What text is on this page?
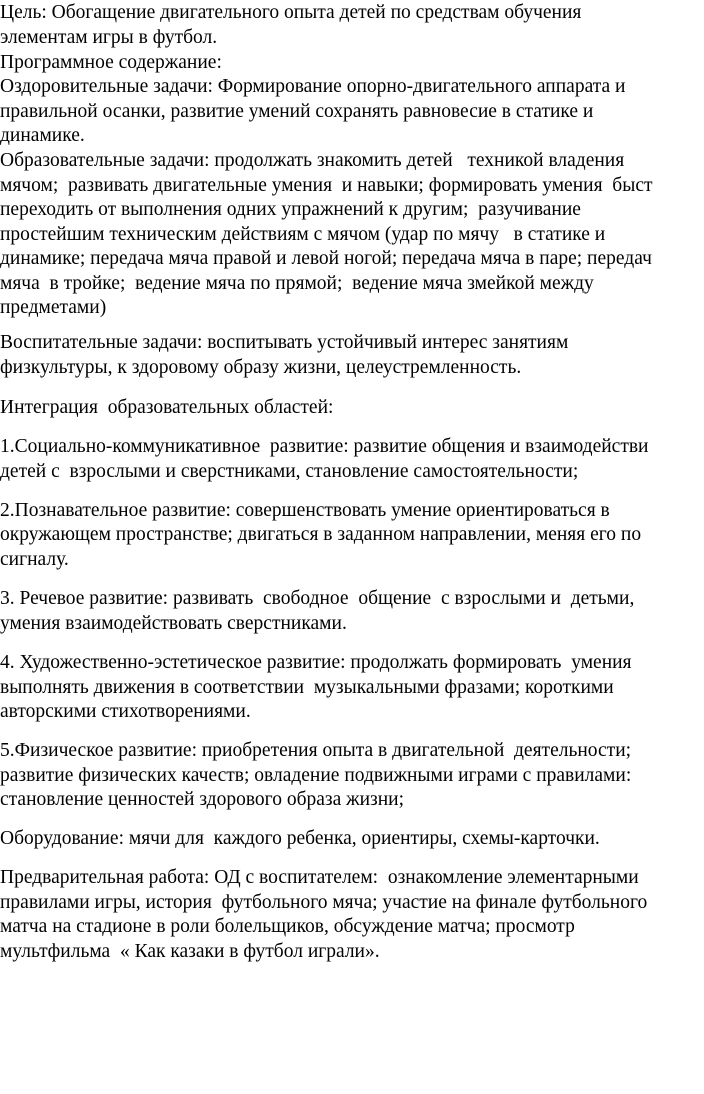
Цель: Обогащение двигательного опыта детей по средствам обучения
элементам игры в футбол.
Программное содержание:
Оздоровительные задачи: Формирование опорно-двигательного аппарата и
правильной осанки, развитие умений сохранять равновесие в статике и
динамике.
Образовательные задачи: продолжать знакомить детей   техникой владения
мячом;  развивать двигательные умения  и навыки; формировать умения  быст
переходить от выполнения одних упражнений к другим;  разучивание
простейшим техническим действиям с мячом (удар по мячу   в статике и
динамике; передача мяча правой и левой ногой; передача мяча в паре; передач
мяча  в тройке;  ведение мяча по прямой;  ведение мяча змейкой между
предметами)
Воспитательные задачи: воспитывать устойчивый интерес занятиям
физкультуры, к здоровому образу жизни, целеустремленность.
Интеграция  образовательных областей:
1.Социально-коммуникативное  развитие: развитие общения и взаимодействи
детей с  взрослыми и сверстниками, становление самостоятельности;
2.Познавательное развитие: совершенствовать умение ориентироваться в
окружающем пространстве; двигаться в заданном направлении, меняя его по
сигналу.
3. Речевое развитие: развивать  свободное  общение  с взрослыми и  детьми,
умения взаимодействовать сверстниками.
4. Художественно-эстетическое развитие: продолжать формировать  умения
выполнять движения в соответствии  музыкальными фразами; короткими
авторскими стихотворениями.
5.Физическое развитие: приобретения опыта в двигательной  деятельности;
развитие физических качеств; овладение подвижными играми с правилами:
становление ценностей здорового образа жизни;
Оборудование: мячи для  каждого ребенка, ориентиры, схемы-карточки.
Предварительная работа: ОД с воспитателем:  ознакомление элементарными
правилами игры, история  футбольного мяча; участие на финале футбольного
матча на стадионе в роли болельщиков, обсуждение матча; просмотр
мультфильма  « Как казаки в футбол играли».
